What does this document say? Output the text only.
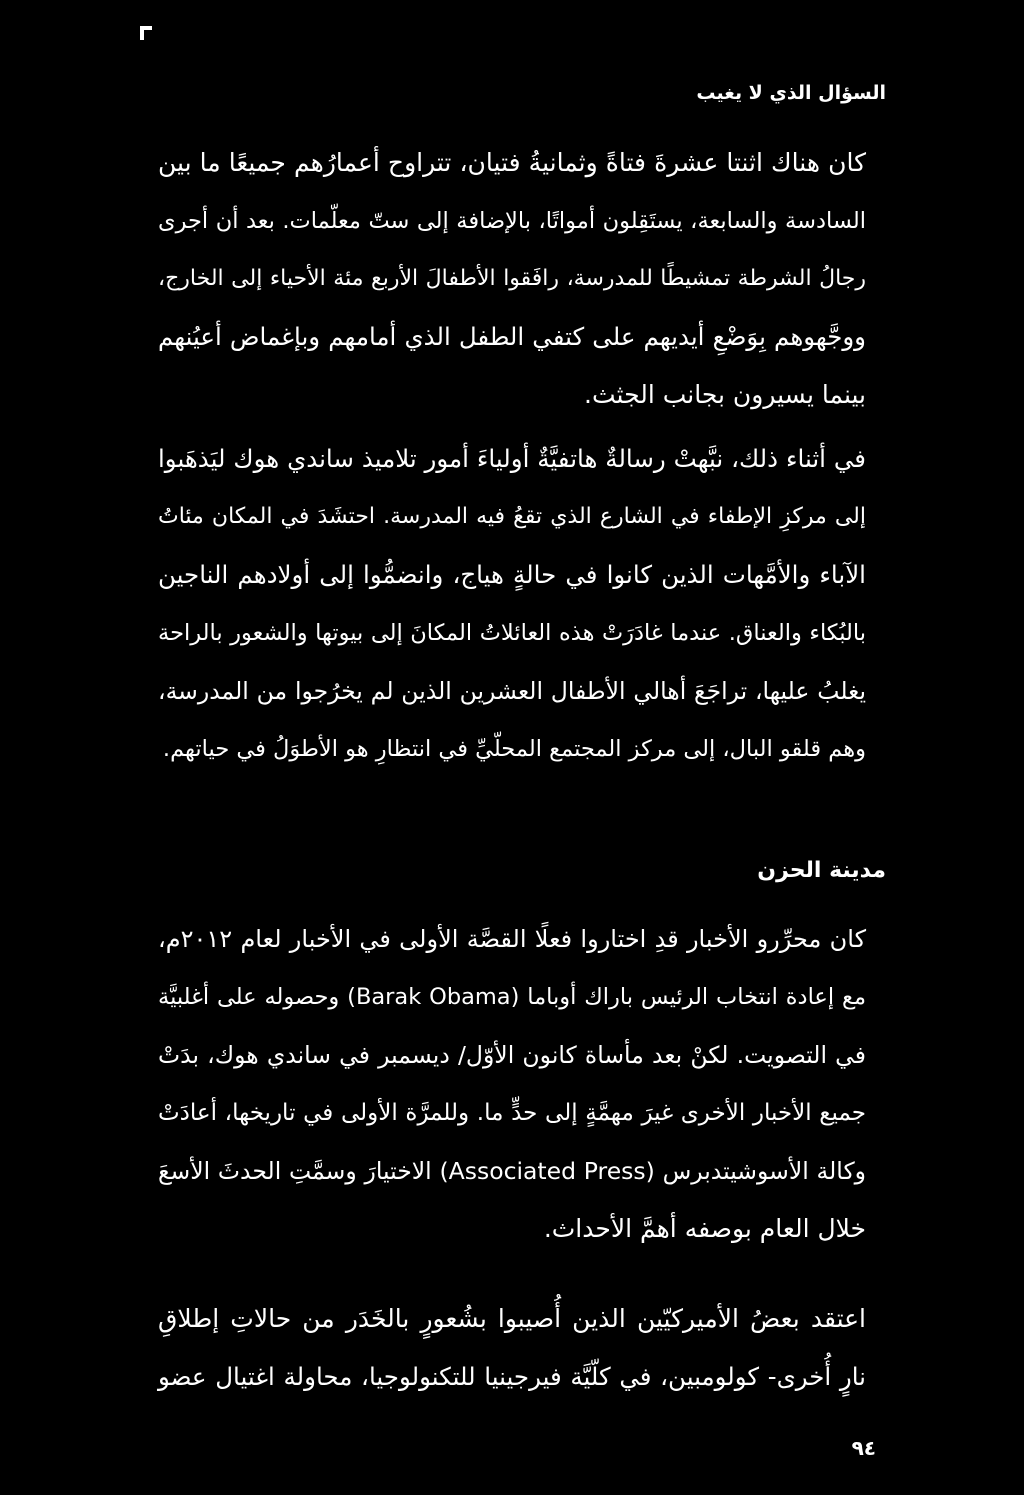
السؤال الذي لا يغيب
كان هناك اثنتا عشرةَ فتاةً وثمانيةُ فتيان، تتراوح أعمارُهم جميعًا ما بين
السادسة والسابعة، يستَقِلون أمواتًا، بالإضافة إلى ستّ معلّمات. بعد أن أجرى
رجالُ الشرطة تمشيطًا للمدرسة، رافَقوا الأطفالَ الأربع مئة الأحياء إلى الخارج،
ووجَّهوهم بِوَضْعِ أيديهم على كتفي الطفل الذي أمامهم وبإغماض أعيُنهم
بينما يسيرون بجانب الجثث.
في أثناء ذلك، نبَّهتْ رسالةٌ هاتفيَّةٌ أولياءَ أمور تلاميذ ساندي هوك ليَذهَبوا
إلى مركزِ الإطفاء في الشارع الذي تقعُ فيه المدرسة. احتشَدَ في المكان مئاتُ
الآباء والأمَّهات الذين كانوا في حالةٍ هياج، وانضمُّوا إلى أولادهم الناجين
بالبُكاء والعناق. عندما غادَرَتْ هذه العائلاتُ المكانَ إلى بيوتها والشعور بالراحة
يغلبُ عليها، تراجَعَ أهالي الأطفال العشرين الذين لم يخرُجوا من المدرسة،
وهم قلقو البال، إلى مركز المجتمع المحلّيِّ في انتظارِ هو الأطوَلُ في حياتهم.
مدينة الحزن
كان محرِّرو الأخبار قدِ اختاروا فعلًا القصَّة الأولى في الأخبار لعام ٢٠١٢م،
مع إعادة انتخاب الرئيس باراك أوباما (Barak Obama) وحصوله على أغلبيَّة
في التصويت. لكنْ بعد مأساة كانون الأوّل/ ديسمبر في ساندي هوك، بدَتْ
جميع الأخبار الأخرى غيرَ مهمَّةٍ إلى حدٍّ ما. وللمرَّة الأولى في تاريخها، أعادَتْ
وكالة الأسوشيتدبرس (Associated Press) الاختيارَ وسمَّتِ الحدثَ الأسعَ
خلال العام بوصفه أهمَّ الأحداث.
اعتقد بعضُ الأميركيّين الذين أُصيبوا بشُعورٍ بالخَدَر من حالاتِ إطلاقِ
نارٍ أُخرى- كولومبين، في كلّيَّة فيرجينيا للتكنولوجيا، محاولة اغتيال عضو
٩٤
